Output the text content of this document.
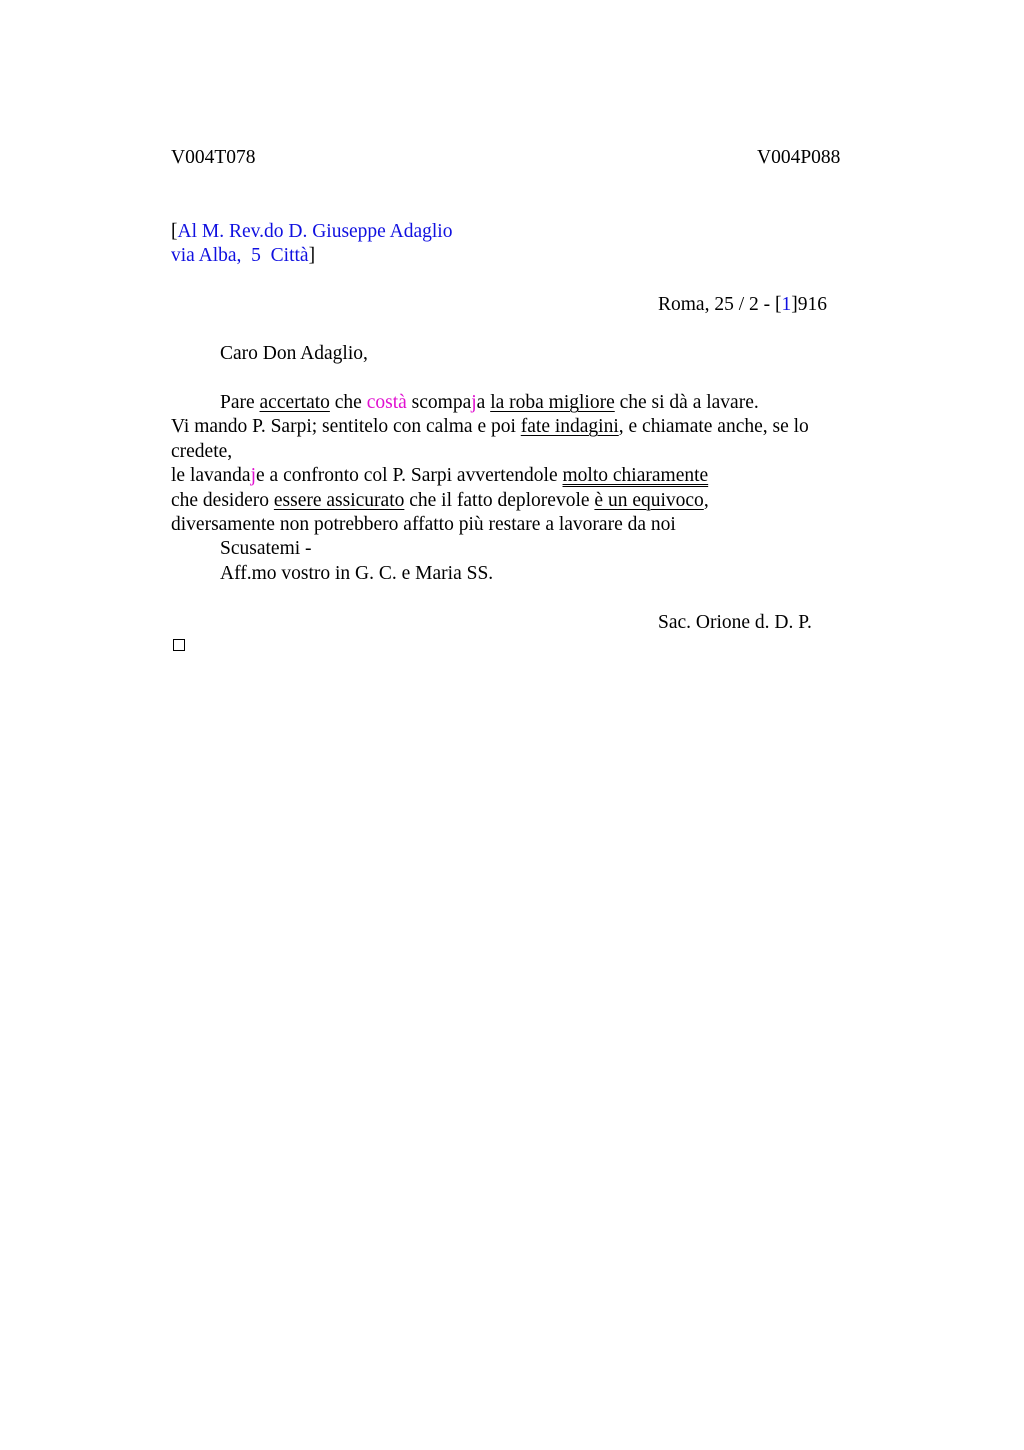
V004T078	V004P088
[Al M. Rev.do D. Giuseppe Adaglio
via Alba,  5  Città]
Roma, 25 / 2 - [1]916
Caro Don Adaglio,
Pare accertato che costà scompaja la roba migliore che si dà a lavare.
Vi mando P. Sarpi; sentitelo con calma e poi fate indagini, e chiamate anche, se lo
credete,
le lavandaje a confronto col P. Sarpi avvertendole molto chiaramente
che desidero essere assicurato che il fatto deplorevole è un equivoco,
diversamente non potrebbero affatto più restare a lavorare da noi
Scusatemi -
Aff.mo vostro in G. C. e Maria SS.
Sac. Orione d. D. P.
